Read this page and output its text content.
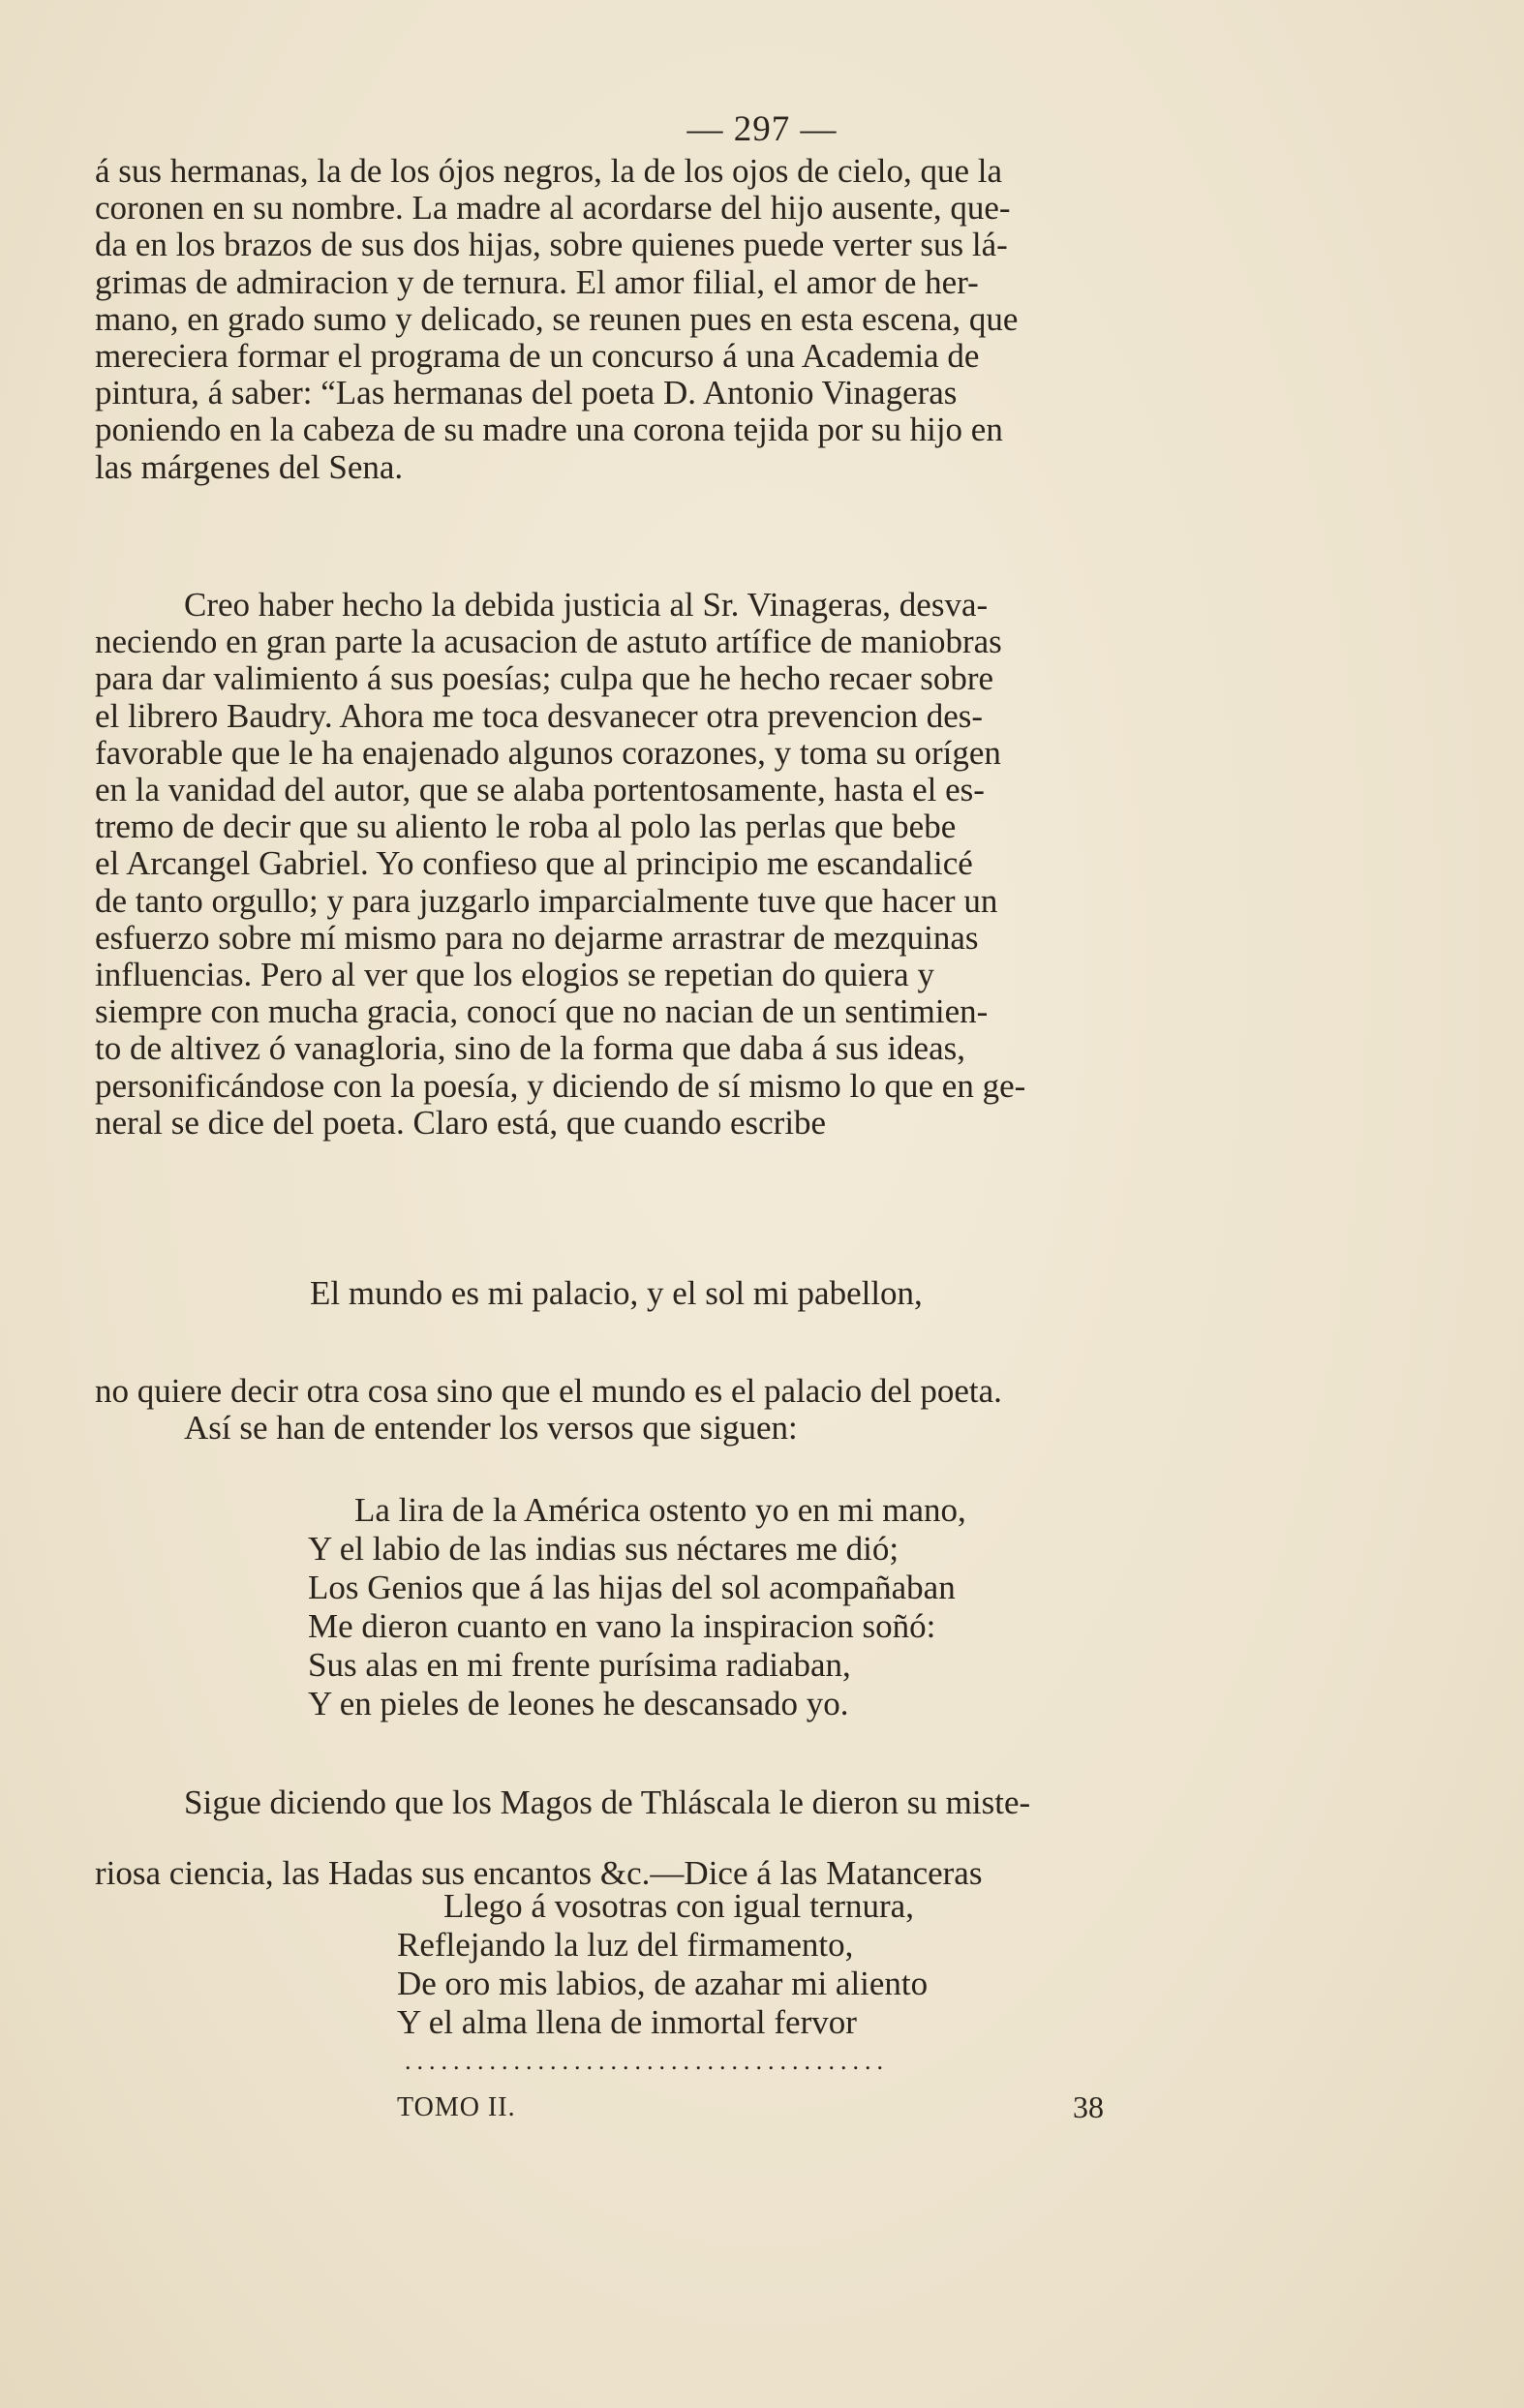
— 297 —

á sus hermanas, la de los ójos negros, la de los ojos de cielo, que la

coronen en su nombre. La madre al acordarse del hijo ausente, que-

da en los brazos de sus dos hijas, sobre quienes puede verter sus lá-

grimas de admiracion y de ternura. El amor filial, el amor de her-

mano, en grado sumo y delicado, se reunen pues en esta escena, que

mereciera formar el programa de un concurso á una Academia de

pintura, á saber: “Las hermanas del poeta D. Antonio Vinageras

poniendo en la cabeza de su madre una corona tejida por su hijo en

las márgenes del Sena.

Creo haber hecho la debida justicia al Sr. Vinageras, desva-

neciendo en gran parte la acusacion de astuto artífice de maniobras

para dar valimiento á sus poesías; culpa que he hecho recaer sobre

el librero Baudry. Ahora me toca desvanecer otra prevencion des-

favorable que le ha enajenado algunos corazones, y toma su orígen

en la vanidad del autor, que se alaba portentosamente, hasta el es-

tremo de decir que su aliento le roba al polo las perlas que bebe

el Arcangel Gabriel. Yo confieso que al principio me escandalicé

de tanto orgullo; y para juzgarlo imparcialmente tuve que hacer un

esfuerzo sobre mí mismo para no dejarme arrastrar de mezquinas

influencias. Pero al ver que los elogios se repetian do quiera y

siempre con mucha gracia, conocí que no nacian de un sentimien-

to de altivez ó vanagloria, sino de la forma que daba á sus ideas,

personificándose con la poesía, y diciendo de sí mismo lo que en ge-

neral se dice del poeta. Claro está, que cuando escribe

El mundo es mi palacio, y el sol mi pabellon,

no quiere decir otra cosa sino que el mundo es el palacio del poeta.

Así se han de entender los versos que siguen:

La lira de la América ostento yo en mi mano,
Y el labio de las indias sus néctares me dió;
Los Genios que á las hijas del sol acompañaban
Me dieron cuanto en vano la inspiracion soñó:
Sus alas en mi frente purísima radiaban,
Y en pieles de leones he descansado yo.

Sigue diciendo que los Magos de Thláscala le dieron su miste-

riosa ciencia, las Hadas sus encantos &c.—Dice á las Matanceras

Llego á vosotras con igual ternura,
Reflejando la luz del firmamento,
De oro mis labios, de azahar mi aliento
Y el alma llena de inmortal fervor
........................................
TOMO II.	38
